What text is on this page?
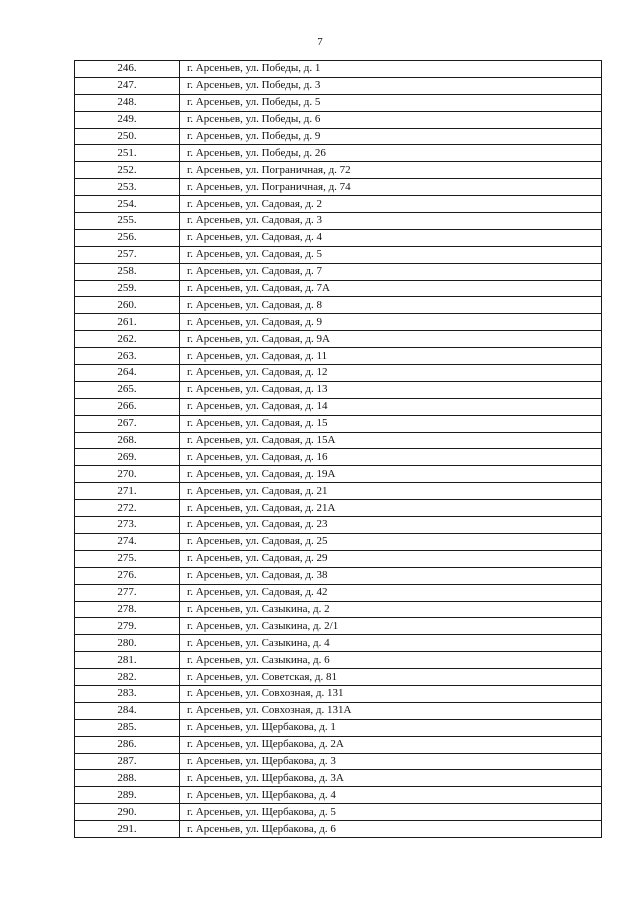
7
246.	г. Арсеньев, ул. Победы, д. 1
247.	г. Арсеньев, ул. Победы, д. 3
248.	г. Арсеньев, ул. Победы, д. 5
249.	г. Арсеньев, ул. Победы, д. 6
250.	г. Арсеньев, ул. Победы, д. 9
251.	г. Арсеньев, ул. Победы, д. 26
252.	г. Арсеньев, ул. Пограничная, д. 72
253.	г. Арсеньев, ул. Пограничная, д. 74
254.	г. Арсеньев, ул. Садовая, д. 2
255.	г. Арсеньев, ул. Садовая, д. 3
256.	г. Арсеньев, ул. Садовая, д. 4
257.	г. Арсеньев, ул. Садовая, д. 5
258.	г. Арсеньев, ул. Садовая, д. 7
259.	г. Арсеньев, ул. Садовая, д. 7А
260.	г. Арсеньев, ул. Садовая, д. 8
261.	г. Арсеньев, ул. Садовая, д. 9
262.	г. Арсеньев, ул. Садовая, д. 9А
263.	г. Арсеньев, ул. Садовая, д. 11
264.	г. Арсеньев, ул. Садовая, д. 12
265.	г. Арсеньев, ул. Садовая, д. 13
266.	г. Арсеньев, ул. Садовая, д. 14
267.	г. Арсеньев, ул. Садовая, д. 15
268.	г. Арсеньев, ул. Садовая, д. 15А
269.	г. Арсеньев, ул. Садовая, д. 16
270.	г. Арсеньев, ул. Садовая, д. 19А
271.	г. Арсеньев, ул. Садовая, д. 21
272.	г. Арсеньев, ул. Садовая, д. 21А
273.	г. Арсеньев, ул. Садовая, д. 23
274.	г. Арсеньев, ул. Садовая, д. 25
275.	г. Арсеньев, ул. Садовая, д. 29
276.	г. Арсеньев, ул. Садовая, д. 38
277.	г. Арсеньев, ул. Садовая, д. 42
278.	г. Арсеньев, ул. Сазыкина, д. 2
279.	г. Арсеньев, ул. Сазыкина, д. 2/1
280.	г. Арсеньев, ул. Сазыкина, д. 4
281.	г. Арсеньев, ул. Сазыкина, д. 6
282.	г. Арсеньев, ул. Советская, д. 81
283.	г. Арсеньев, ул. Совхозная, д. 131
284.	г. Арсеньев, ул. Совхозная, д. 131А
285.	г. Арсеньев, ул. Щербакова, д. 1
286.	г. Арсеньев, ул. Щербакова, д. 2А
287.	г. Арсеньев, ул. Щербакова, д. 3
288.	г. Арсеньев, ул. Щербакова, д. 3А
289.	г. Арсеньев, ул. Щербакова, д. 4
290.	г. Арсеньев, ул. Щербакова, д. 5
291.	г. Арсеньев, ул. Щербакова, д. 6
